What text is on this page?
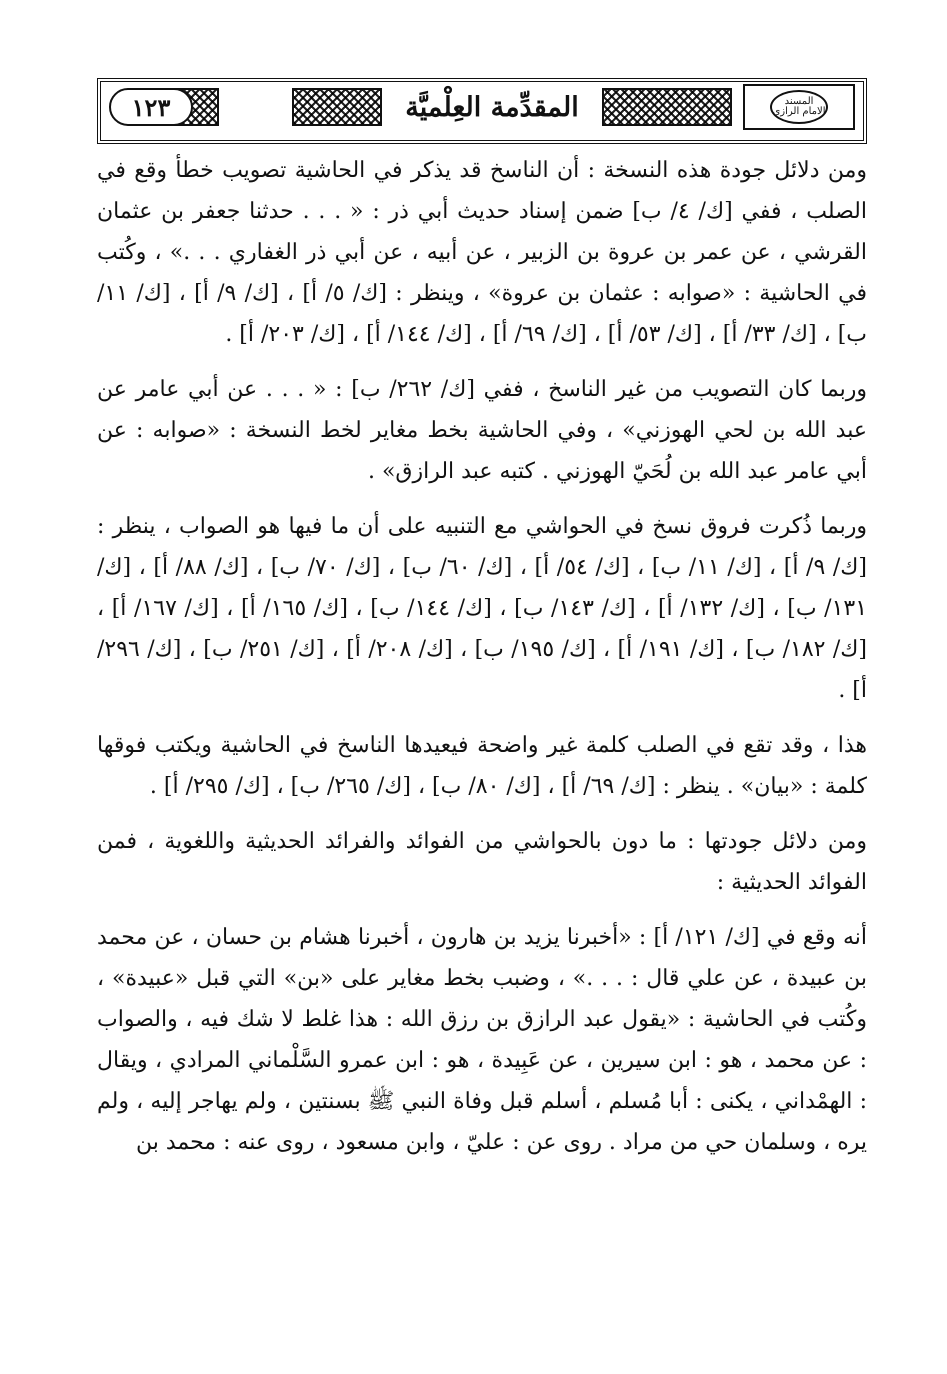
١٢٣	المقدِّمة العِلْميَّة	المسند الامام الرازي

ومن دلائل جودة هذه النسخة : أن الناسخ قد يذكر في الحاشية تصويب خطأ وقع في الصلب ، ففي [ك/ ٤/ ب] ضمن إسناد حديث أبي ذر : « . . . حدثنا جعفر بن عثمان القرشي ، عن عمر بن عروة بن الزبير ، عن أبيه ، عن أبي ذر الغفاري . . .» ، وكُتب في الحاشية : «صوابه : عثمان بن عروة» ، وينظر : [ك/ ٥/ أ] ، [ك/ ٩/ أ] ، [ك/ ١١/ ب] ، [ك/ ٣٣/ أ] ، [ك/ ٥٣/ أ] ، [ك/ ٦٩/ أ] ، [ك/ ١٤٤/ أ] ، [ك/ ٢٠٣/ أ] .

وربما كان التصويب من غير الناسخ ، ففي [ك/ ٢٦٢/ ب] : « . . . عن أبي عامر عن عبد الله بن لحي الهوزني» ، وفي الحاشية بخط مغاير لخط النسخة : «صوابه : عن أبي عامر عبد الله بن لُحَيّ الهوزني . كتبه عبد الرازق» .

وربما ذُكرت فروق نسخ في الحواشي مع التنبيه على أن ما فيها هو الصواب ، ينظر : [ك/ ٩/ أ] ، [ك/ ١١/ ب] ، [ك/ ٥٤/ أ] ، [ك/ ٦٠/ ب] ، [ك/ ٧٠/ ب] ، [ك/ ٨٨/ أ] ، [ك/ ١٣١/ ب] ، [ك/ ١٣٢/ أ] ، [ك/ ١٤٣/ ب] ، [ك/ ١٤٤/ ب] ، [ك/ ١٦٥/ أ] ، [ك/ ١٦٧/ أ] ، [ك/ ١٨٢/ ب] ، [ك/ ١٩١/ أ] ، [ك/ ١٩٥/ ب] ، [ك/ ٢٠٨/ أ] ، [ك/ ٢٥١/ ب] ، [ك/ ٢٩٦/ أ] .

هذا ، وقد تقع في الصلب كلمة غير واضحة فيعيدها الناسخ في الحاشية ويكتب فوقها كلمة : «بيان» . ينظر : [ك/ ٦٩/ أ] ، [ك/ ٨٠/ ب] ، [ك/ ٢٦٥/ ب] ، [ك/ ٢٩٥/ أ] .

ومن دلائل جودتها : ما دون بالحواشي من الفوائد والفرائد الحديثية واللغوية ، فمن الفوائد الحديثية :

أنه وقع في [ك/ ١٢١/ أ] : «أخبرنا يزيد بن هارون ، أخبرنا هشام بن حسان ، عن محمد بن عبيدة ، عن علي قال : . . .» ، وضبب بخط مغاير على «بن» التي قبل «عبيدة» ، وكُتب في الحاشية : «يقول عبد الرازق بن رزق الله : هذا غلط لا شك فيه ، والصواب : عن محمد ، هو : ابن سيرين ، عن عَبِيدة ، هو : ابن عمرو السَّلْماني المرادي ، ويقال : الهمْداني ، يكنى : أبا مُسلم ، أسلم قبل وفاة النبي ﷺ بسنتين ، ولم يهاجر إليه ، ولم يره ، وسلمان حي من مراد . روى عن : عليّ ، وابن مسعود ، روى عنه : محمد بن
